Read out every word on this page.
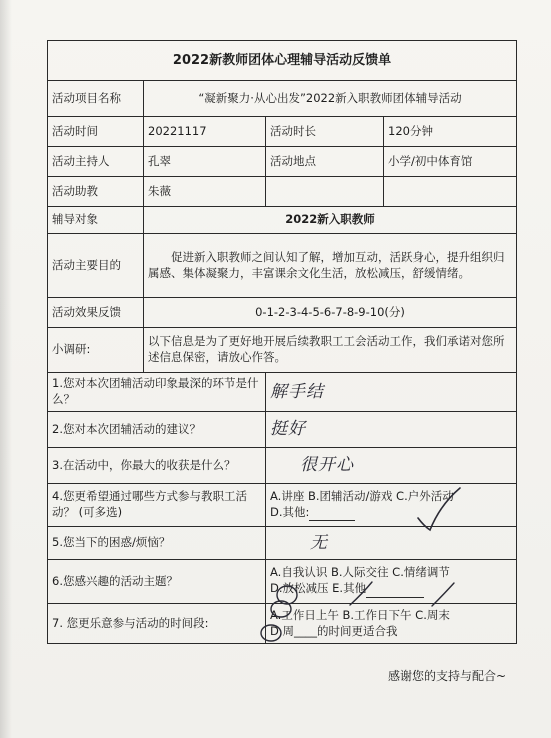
2022新教师团体心理辅导活动反馈单			
活动项目名称	“凝新聚力·从心出发”2022新入职教师团体辅导活动		
活动时间	20221117	活动时长	120分钟
活动主持人	孔翠	活动地点	小学/初中体育馆
活动助教	朱薇		
辅导对象	2022新入职教师		
活动主要目的	促进新入职教师之间认知了解，增加互动，活跃身心，提升组织归属感、集体凝聚力，丰富课余文化生活，放松减压，舒缓情绪。		
活动效果反馈	0-1-2-3-4-5-6-7-8-9-10(分)		
小调研:	以下信息是为了更好地开展后续教职工工会活动工作，我们承诺对您所述信息保密，请放心作答。		
1.您对本次团辅活动印象最深的环节是什么？		解手结	
2.您对本次团辅活动的建议？		挺好	
3.在活动中，你最大的收获是什么？		很开心	
4.您更希望通过哪些方式参与教职工活动？ (可多选)		A.讲座 B.团辅活动/游戏 C.户外活动
D.其他:	

5.您当下的困惑/烦恼？		无	
6.您感兴趣的活动主题？		A.自我认识 B.人际交往 C.情绪调节
D.放松减压 E.其他	

7. 您更乐意参与活动的时间段:		A.工作日上午 B.工作日下午 C.周末
D.周____的时间更适合我	
感谢您的支持与配合~
